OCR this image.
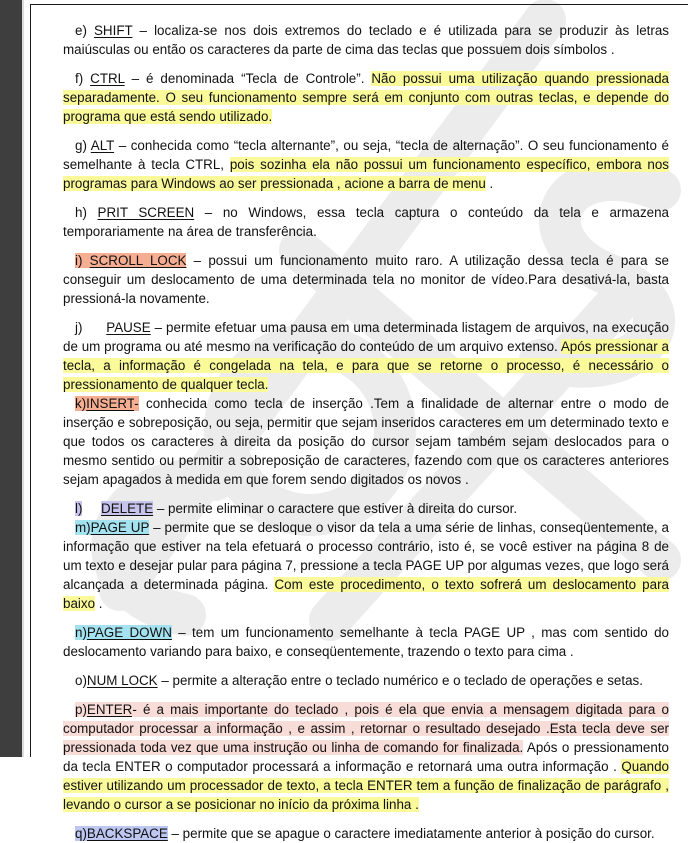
e) SHIFT – localiza-se nos dois extremos do teclado e é utilizada para se produzir às letras maiúsculas ou então os caracteres da parte de cima das teclas que possuem dois símbolos .

f) CTRL – é denominada “Tecla de Controle”. Não possui uma utilização quando pressionada separadamente. O seu funcionamento sempre será em conjunto com outras teclas, e depende do programa que está sendo utilizado.

g) ALT – conhecida como “tecla alternante”, ou seja, “tecla de alternação”. O seu funcionamento é semelhante à tecla CTRL, pois sozinha ela não possui um funcionamento específico, embora nos programas para Windows ao ser pressionada , acione a barra de menu .

h) PRIT SCREEN – no Windows, essa tecla captura o conteúdo da tela e armazena temporariamente na área de transferência.

i) SCROLL LOCK – possui um funcionamento muito raro. A utilização dessa tecla é para se conseguir um deslocamento de uma determinada tela no monitor de vídeo.Para desativá-la, basta pressioná-la novamente.

j)      PAUSE – permite efetuar uma pausa em uma determinada listagem de arquivos, na execução de um programa ou até mesmo na verificação do conteúdo de um arquivo extenso. Após pressionar a tecla, a informação é congelada na tela, e para que se retorne o processo, é necessário o pressionamento de qualquer tecla.

k)INSERT- conhecida como tecla de inserção .Tem a finalidade de alternar entre o modo de inserção e sobreposição, ou seja, permitir que sejam inseridos caracteres em um determinado texto e que todos os caracteres à direita da posição do cursor sejam também sejam deslocados para o mesmo sentido ou permitir a sobreposição de caracteres, fazendo com que os caracteres anteriores sejam apagados à medida em que forem sendo digitados os novos .

l) DELETE – permite eliminar o caractere que estiver à direita do cursor.

m)PAGE UP – permite que se desloque o visor da tela a uma série de linhas, conseqüentemente, a informação que estiver na tela efetuará o processo contrário, isto é, se você estiver na página 8 de um texto e desejar pular para página 7, pressione a tecla PAGE UP por algumas vezes, que logo será alcançada a determinada página. Com este procedimento, o texto sofrerá um deslocamento para baixo .

n)PAGE DOWN – tem um funcionamento semelhante à tecla PAGE UP , mas com sentido do deslocamento variando para baixo, e conseqüentemente, trazendo o texto para cima .

o)NUM LOCK – permite a alteração entre o teclado numérico e o teclado de operações e setas.

p)ENTER- é a mais importante do teclado , pois é ela que envia a mensagem digitada para o computador processar a informação , e assim , retornar o resultado desejado .Esta tecla deve ser pressionada toda vez que uma instrução ou linha de comando for finalizada. Após o pressionamento da tecla ENTER o computador processará a informação e retornará uma outra informação . Quando estiver utilizando um processador de texto, a tecla ENTER tem a função de finalização de parágrafo , levando o cursor a se posicionar no início da próxima linha .

q)BACKSPACE – permite que se apague o caractere imediatamente anterior à posição do cursor.
